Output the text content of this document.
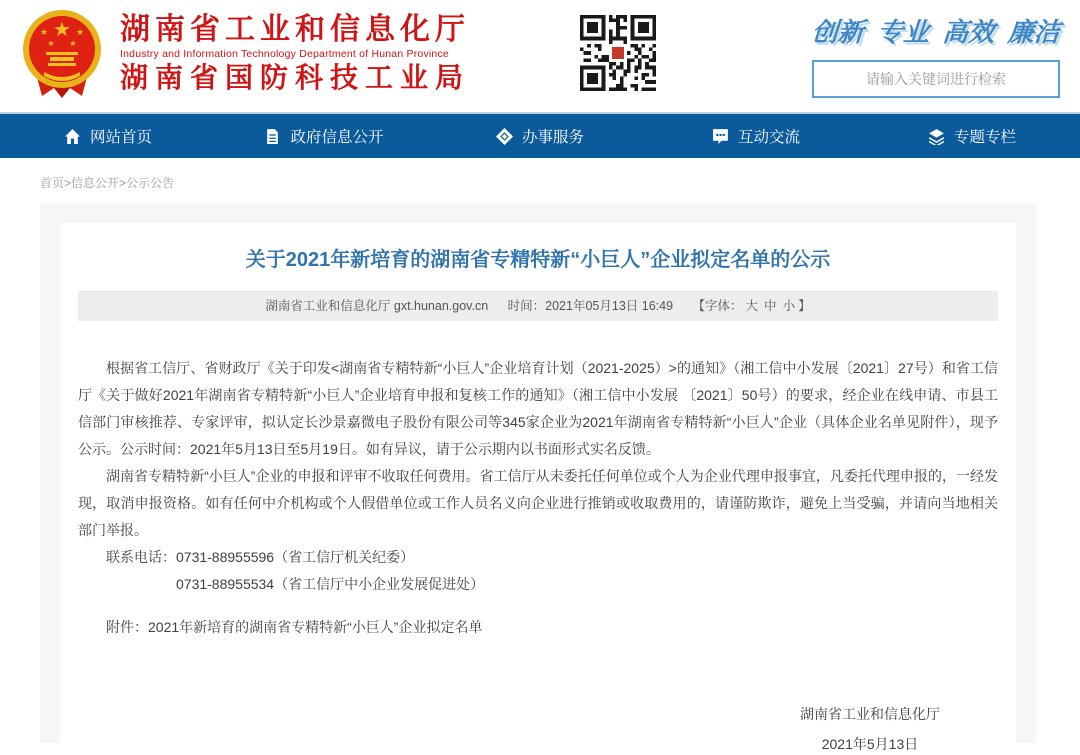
★
★	★
★ ★ 湖南省工业和信息化厅
Industry and Information Technology Department of Hunan Province
湖南省国防科技工业局
创新 专业 高效 廉洁
请输入关键词进行检索
网站首页	政府信息公开	办事服务	互动交流	专题专栏
首页>信息公开>公示公告
关于2021年新培育的湖南省专精特新“小巨人”企业拟定名单的公示
湖南省工业和信息化厅 gxt.hunan.gov.cn 时间：2021年05月13日 16:49 【字体： 大 中 小 】

根据省工信厅、省财政厅《关于印发<湖南省专精特新“小巨人”企业培育计划（2021-2025）>的通知》（湘工信中小发展〔2021〕27号）和省工信厅《关于做好2021年湖南省专精特新“小巨人”企业培育申报和复核工作的通知》（湘工信中小发展 〔2021〕50号）的要求，经企业在线申请、市县工信部门审核推荐、专家评审，拟认定长沙景嘉微电子股份有限公司等345家企业为2021年湖南省专精特新“小巨人”企业（具体企业名单见附件），现予公示。公示时间：2021年5月13日至5月19日。如有异议，请于公示期内以书面形式实名反馈。

湖南省专精特新“小巨人”企业的申报和评审不收取任何费用。省工信厅从未委托任何单位或个人为企业代理申报事宜，凡委托代理申报的，一经发现，取消申报资格。如有任何中介机构或个人假借单位或工作人员名义向企业进行推销或收取费用的，请谨防欺诈，避免上当受骗，并请向当地相关部门举报。

联系电话：0731-88955596（省工信厅机关纪委）
0731-88955534（省工信厅中小企业发展促进处）
附件：2021年新培育的湖南省专精特新“小巨人”企业拟定名单
湖南省工业和信息化厅
2021年5月13日
